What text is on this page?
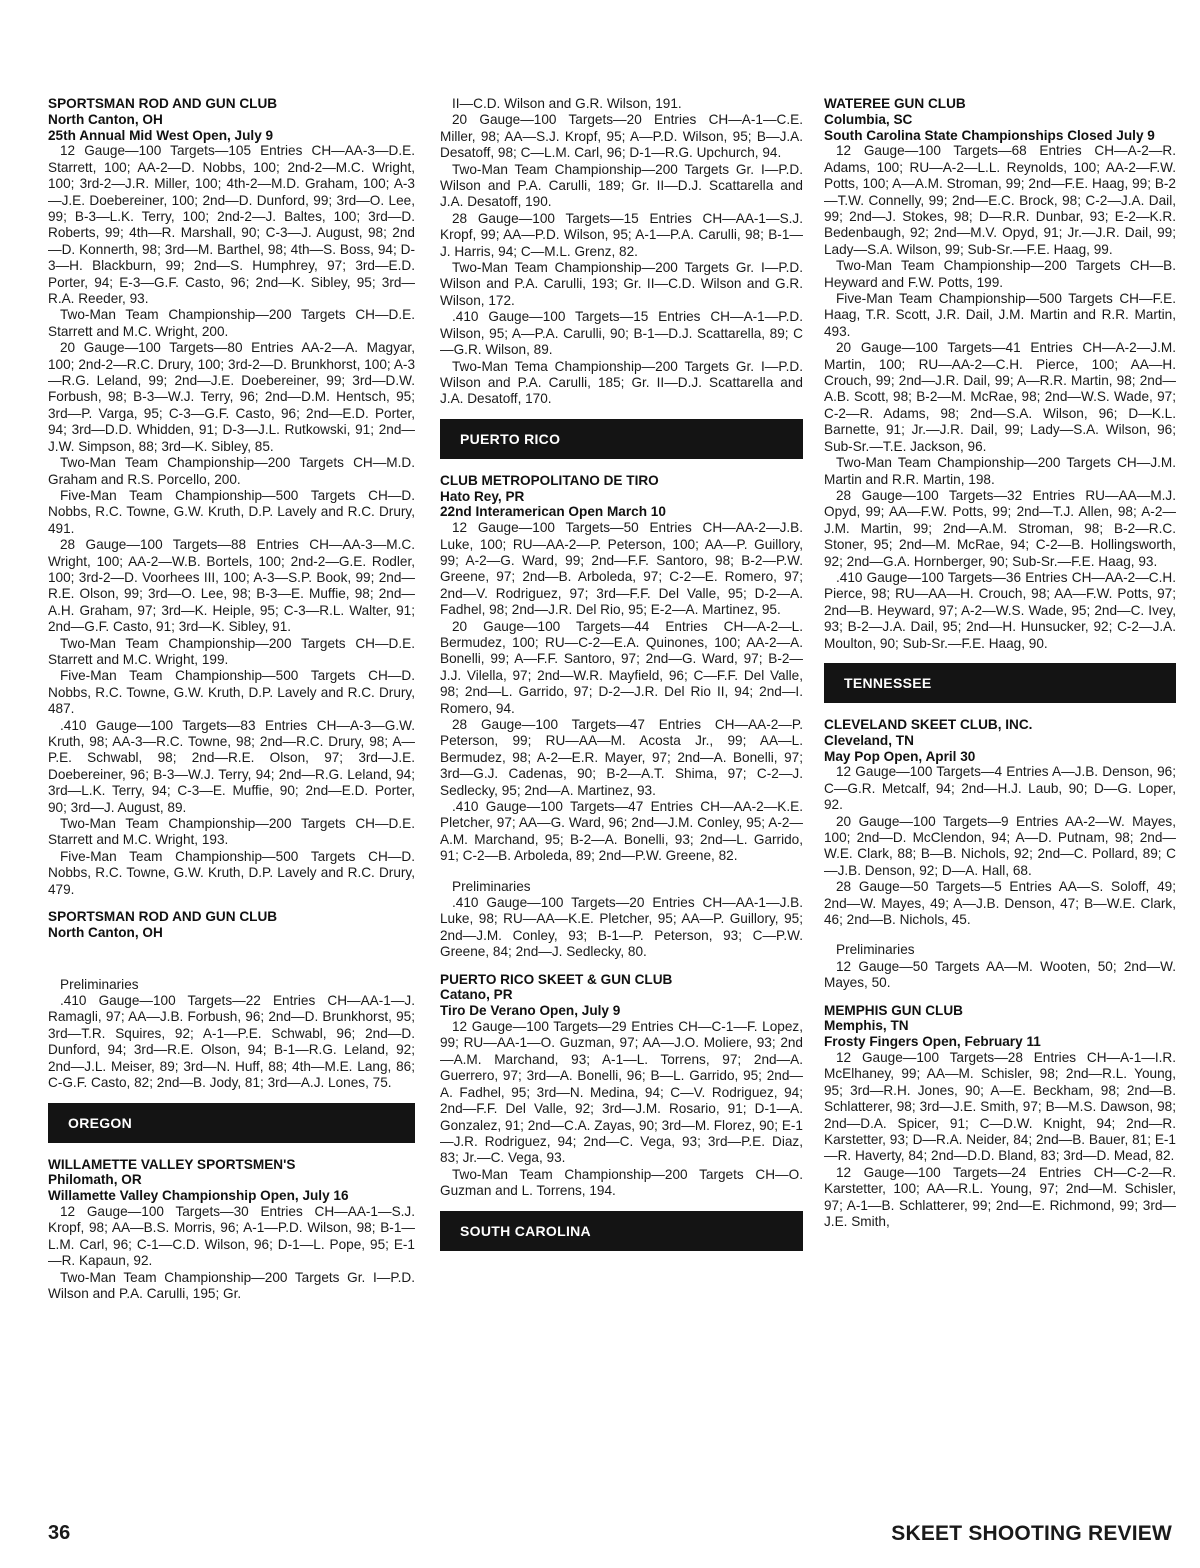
SPORTSMAN ROD AND GUN CLUB
North Canton, OH
25th Annual Mid West Open, July 9

12 Gauge—100 Targets—105 Entries CH—AA-3—D.E. Starrett, 100; AA-2—D. Nobbs, 100; 2nd-2—M.C. Wright, 100; 3rd-2—J.R. Miller, 100; 4th-2—M.D. Graham, 100; A-3—J.E. Doebereiner, 100; 2nd—D. Dunford, 99; 3rd—O. Lee, 99; B-3—L.K. Terry, 100; 2nd-2—J. Baltes, 100; 3rd—D. Roberts, 99; 4th—R. Marshall, 90; C-3—J. August, 98; 2nd—D. Konnerth, 98; 3rd—M. Barthel, 98; 4th—S. Boss, 94; D-3—H. Blackburn, 99; 2nd—S. Humphrey, 97; 3rd—E.D. Porter, 94; E-3—G.F. Casto, 96; 2nd—K. Sibley, 95; 3rd—R.A. Reeder, 93.

Two-Man Team Championship—200 Targets CH—D.E. Starrett and M.C. Wright, 200.

20 Gauge—100 Targets—80 Entries AA-2—A. Magyar, 100; 2nd-2—R.C. Drury, 100; 3rd-2—D. Brunkhorst, 100; A-3—R.G. Leland, 99; 2nd—J.E. Doebereiner, 99; 3rd—D.W. Forbush, 98; B-3—W.J. Terry, 96; 2nd—D.M. Hentsch, 95; 3rd—P. Varga, 95; C-3—G.F. Casto, 96; 2nd—E.D. Porter, 94; 3rd—D.D. Whidden, 91; D-3—J.L. Rutkowski, 91; 2nd—J.W. Simpson, 88; 3rd—K. Sibley, 85.

Two-Man Team Championship—200 Targets CH—M.D. Graham and R.S. Porcello, 200.

Five-Man Team Championship—500 Targets CH—D. Nobbs, R.C. Towne, G.W. Kruth, D.P. Lavely and R.C. Drury, 491.

28 Gauge—100 Targets—88 Entries CH—AA-3—M.C. Wright, 100; AA-2—W.B. Bortels, 100; 2nd-2—G.E. Rodler, 100; 3rd-2—D. Voorhees III, 100; A-3—S.P. Book, 99; 2nd—R.E. Olson, 99; 3rd—O. Lee, 98; B-3—E. Muffie, 98; 2nd—A.H. Graham, 97; 3rd—K. Heiple, 95; C-3—R.L. Walter, 91; 2nd—G.F. Casto, 91; 3rd—K. Sibley, 91.

Two-Man Team Championship—200 Targets CH—D.E. Starrett and M.C. Wright, 199.

Five-Man Team Championship—500 Targets CH—D. Nobbs, R.C. Towne, G.W. Kruth, D.P. Lavely and R.C. Drury, 487.

.410 Gauge—100 Targets—83 Entries CH—A-3—G.W. Kruth, 98; AA-3—R.C. Towne, 98; 2nd—R.C. Drury, 98; A—P.E. Schwabl, 98; 2nd—R.E. Olson, 97; 3rd—J.E. Doebereiner, 96; B-3—W.J. Terry, 94; 2nd—R.G. Leland, 94; 3rd—L.K. Terry, 94; C-3—E. Muffie, 90; 2nd—E.D. Porter, 90; 3rd—J. August, 89.

Two-Man Team Championship—200 Targets CH—D.E. Starrett and M.C. Wright, 193.

Five-Man Team Championship—500 Targets CH—D. Nobbs, R.C. Towne, G.W. Kruth, D.P. Lavely and R.C. Drury, 479.

SPORTSMAN ROD AND GUN CLUB
North Canton, OH
Preliminaries

.410 Gauge—100 Targets—22 Entries CH—AA-1—J. Ramagli, 97; AA—J.B. Forbush, 96; 2nd—D. Brunkhorst, 95; 3rd—T.R. Squires, 92; A-1—P.E. Schwabl, 96; 2nd—D. Dunford, 94; 3rd—R.E. Olson, 94; B-1—R.G. Leland, 92; 2nd—J.L. Meiser, 89; 3rd—N. Huff, 88; 4th—M.E. Lang, 86; C-G.F. Casto, 82; 2nd—B. Jody, 81; 3rd—A.J. Lones, 75.

OREGON
WILLAMETTE VALLEY SPORTSMEN'S
Philomath, OR
Willamette Valley Championship Open, July 16

12 Gauge—100 Targets—30 Entries CH—AA-1—S.J. Kropf, 98; AA—B.S. Morris, 96; A-1—P.D. Wilson, 98; B-1—L.M. Carl, 96; C-1—C.D. Wilson, 96; D-1—L. Pope, 95; E-1—R. Kapaun, 92.

Two-Man Team Championship—200 Targets Gr. I—P.D. Wilson and P.A. Carulli, 195; Gr.

II—C.D. Wilson and G.R. Wilson, 191.

20 Gauge—100 Targets—20 Entries CH—A-1—C.E. Miller, 98; AA—S.J. Kropf, 95; A—P.D. Wilson, 95; B—J.A. Desatoff, 98; C—L.M. Carl, 96; D-1—R.G. Upchurch, 94.

Two-Man Team Championship—200 Targets Gr. I—P.D. Wilson and P.A. Carulli, 189; Gr. II—D.J. Scattarella and J.A. Desatoff, 190.

28 Gauge—100 Targets—15 Entries CH—AA-1—S.J. Kropf, 99; AA—P.D. Wilson, 95; A-1—P.A. Carulli, 98; B-1—J. Harris, 94; C—M.L. Grenz, 82.

Two-Man Team Championship—200 Targets Gr. I—P.D. Wilson and P.A. Carulli, 193; Gr. II—C.D. Wilson and G.R. Wilson, 172.

.410 Gauge—100 Targets—15 Entries CH—A-1—P.D. Wilson, 95; A—P.A. Carulli, 90; B-1—D.J. Scattarella, 89; C—G.R. Wilson, 89.

Two-Man Tema Championship—200 Targets Gr. I—P.D. Wilson and P.A. Carulli, 185; Gr. II—D.J. Scattarella and J.A. Desatoff, 170.

PUERTO RICO
CLUB METROPOLITANO DE TIRO
Hato Rey, PR
22nd Interamerican Open March 10

12 Gauge—100 Targets—50 Entries CH—AA-2—J.B. Luke, 100; RU—AA-2—P. Peterson, 100; AA—P. Guillory, 99; A-2—G. Ward, 99; 2nd—F.F. Santoro, 98; B-2—P.W. Greene, 97; 2nd—B. Arboleda, 97; C-2—E. Romero, 97; 2nd—V. Rodriguez, 97; 3rd—F.F. Del Valle, 95; D-2—A. Fadhel, 98; 2nd—J.R. Del Rio, 95; E-2—A. Martinez, 95.

20 Gauge—100 Targets—44 Entries CH—A-2—L. Bermudez, 100; RU—C-2—E.A. Quinones, 100; AA-2—A. Bonelli, 99; A—F.F. Santoro, 97; 2nd—G. Ward, 97; B-2—J.J. Vilella, 97; 2nd—W.R. Mayfield, 96; C—F.F. Del Valle, 98; 2nd—L. Garrido, 97; D-2—J.R. Del Rio II, 94; 2nd—I. Romero, 94.

28 Gauge—100 Targets—47 Entries CH—AA-2—P. Peterson, 99; RU—AA—M. Acosta Jr., 99; AA—L. Bermudez, 98; A-2—E.R. Mayer, 97; 2nd—A. Bonelli, 97; 3rd—G.J. Cadenas, 90; B-2—A.T. Shima, 97; C-2—J. Sedlecky, 95; 2nd—A. Martinez, 93.

.410 Gauge—100 Targets—47 Entries CH—AA-2—K.E. Pletcher, 97; AA—G. Ward, 96; 2nd—J.M. Conley, 95; A-2—A.M. Marchand, 95; B-2—A. Bonelli, 93; 2nd—L. Garrido, 91; C-2—B. Arboleda, 89; 2nd—P.W. Greene, 82.

Preliminaries

.410 Gauge—100 Targets—20 Entries CH—AA-1—J.B. Luke, 98; RU—AA—K.E. Pletcher, 95; AA—P. Guillory, 95; 2nd—J.M. Conley, 93; B-1—P. Peterson, 93; C—P.W. Greene, 84; 2nd—J. Sedlecky, 80.

PUERTO RICO SKEET & GUN CLUB
Catano, PR
Tiro De Verano Open, July 9

12 Gauge—100 Targets—29 Entries CH—C-1—F. Lopez, 99; RU—AA-1—O. Guzman, 97; AA—J.O. Moliere, 93; 2nd—A.M. Marchand, 93; A-1—L. Torrens, 97; 2nd—A. Guerrero, 97; 3rd—A. Bonelli, 96; B—L. Garrido, 95; 2nd—A. Fadhel, 95; 3rd—N. Medina, 94; C—V. Rodriguez, 94; 2nd—F.F. Del Valle, 92; 3rd—J.M. Rosario, 91; D-1—A. Gonzalez, 91; 2nd—C.A. Zayas, 90; 3rd—M. Florez, 90; E-1—J.R. Rodriguez, 94; 2nd—C. Vega, 93; 3rd—P.E. Diaz, 83; Jr.—C. Vega, 93.

Two-Man Team Championship—200 Targets CH—O. Guzman and L. Torrens, 194.

SOUTH CAROLINA
WATEREE GUN CLUB
Columbia, SC
South Carolina State Championships Closed July 9

12 Gauge—100 Targets—68 Entries CH—A-2—R. Adams, 100; RU—A-2—L.L. Reynolds, 100; AA-2—F.W. Potts, 100; A—A.M. Stroman, 99; 2nd—F.E. Haag, 99; B-2—T.W. Connelly, 99; 2nd—E.C. Brock, 98; C-2—J.A. Dail, 99; 2nd—J. Stokes, 98; D—R.R. Dunbar, 93; E-2—K.R. Bedenbaugh, 92; 2nd—M.V. Opyd, 91; Jr.—J.R. Dail, 99; Lady—S.A. Wilson, 99; Sub-Sr.—F.E. Haag, 99.

Two-Man Team Championship—200 Targets CH—B. Heyward and F.W. Potts, 199.

Five-Man Team Championship—500 Targets CH—F.E. Haag, T.R. Scott, J.R. Dail, J.M. Martin and R.R. Martin, 493.

20 Gauge—100 Targets—41 Entries CH—A-2—J.M. Martin, 100; RU—AA-2—C.H. Pierce, 100; AA—H. Crouch, 99; 2nd—J.R. Dail, 99; A—R.R. Martin, 98; 2nd—A.B. Scott, 98; B-2—M. McRae, 98; 2nd—W.S. Wade, 97; C-2—R. Adams, 98; 2nd—S.A. Wilson, 96; D—K.L. Barnette, 91; Jr.—J.R. Dail, 99; Lady—S.A. Wilson, 96; Sub-Sr.—T.E. Jackson, 96.

Two-Man Team Championship—200 Targets CH—J.M. Martin and R.R. Martin, 198.

28 Gauge—100 Targets—32 Entries RU—AA—M.J. Opyd, 99; AA—F.W. Potts, 99; 2nd—T.J. Allen, 98; A-2—J.M. Martin, 99; 2nd—A.M. Stroman, 98; B-2—R.C. Stoner, 95; 2nd—M. McRae, 94; C-2—B. Hollingsworth, 92; 2nd—G.A. Hornberger, 90; Sub-Sr.—F.E. Haag, 93.

.410 Gauge—100 Targets—36 Entries CH—AA-2—C.H. Pierce, 98; RU—AA—H. Crouch, 98; AA—F.W. Potts, 97; 2nd—B. Heyward, 97; A-2—W.S. Wade, 95; 2nd—C. Ivey, 93; B-2—J.A. Dail, 95; 2nd—H. Hunsucker, 92; C-2—J.A. Moulton, 90; Sub-Sr.—F.E. Haag, 90.

TENNESSEE
CLEVELAND SKEET CLUB, INC.
Cleveland, TN
May Pop Open, April 30

12 Gauge—100 Targets—4 Entries A—J.B. Denson, 96; C—G.R. Metcalf, 94; 2nd—H.J. Laub, 90; D—G. Loper, 92.

20 Gauge—100 Targets—9 Entries AA-2—W. Mayes, 100; 2nd—D. McClendon, 94; A—D. Putnam, 98; 2nd—W.E. Clark, 88; B—B. Nichols, 92; 2nd—C. Pollard, 89; C—J.B. Denson, 92; D—A. Hall, 68.

28 Gauge—50 Targets—5 Entries AA—S. Soloff, 49; 2nd—W. Mayes, 49; A—J.B. Denson, 47; B—W.E. Clark, 46; 2nd—B. Nichols, 45.

Preliminaries

12 Gauge—50 Targets AA—M. Wooten, 50; 2nd—W. Mayes, 50.

MEMPHIS GUN CLUB
Memphis, TN
Frosty Fingers Open, February 11

12 Gauge—100 Targets—28 Entries CH—A-1—I.R. McElhaney, 99; AA—M. Schisler, 98; 2nd—R.L. Young, 95; 3rd—R.H. Jones, 90; A—E. Beckham, 98; 2nd—B. Schlatterer, 98; 3rd—J.E. Smith, 97; B—M.S. Dawson, 98; 2nd—D.A. Spicer, 91; C—D.W. Knight, 94; 2nd—R. Karstetter, 93; D—R.A. Neider, 84; 2nd—B. Bauer, 81; E-1—R. Haverty, 84; 2nd—D.D. Bland, 83; 3rd—D. Mead, 82.

12 Gauge—100 Targets—24 Entries CH—C-2—R. Karstetter, 100; AA—R.L. Young, 97; 2nd—M. Schisler, 97; A-1—B. Schlatterer, 99; 2nd—E. Richmond, 99; 3rd—J.E. Smith,

36	SKEET SHOOTING REVIEW
